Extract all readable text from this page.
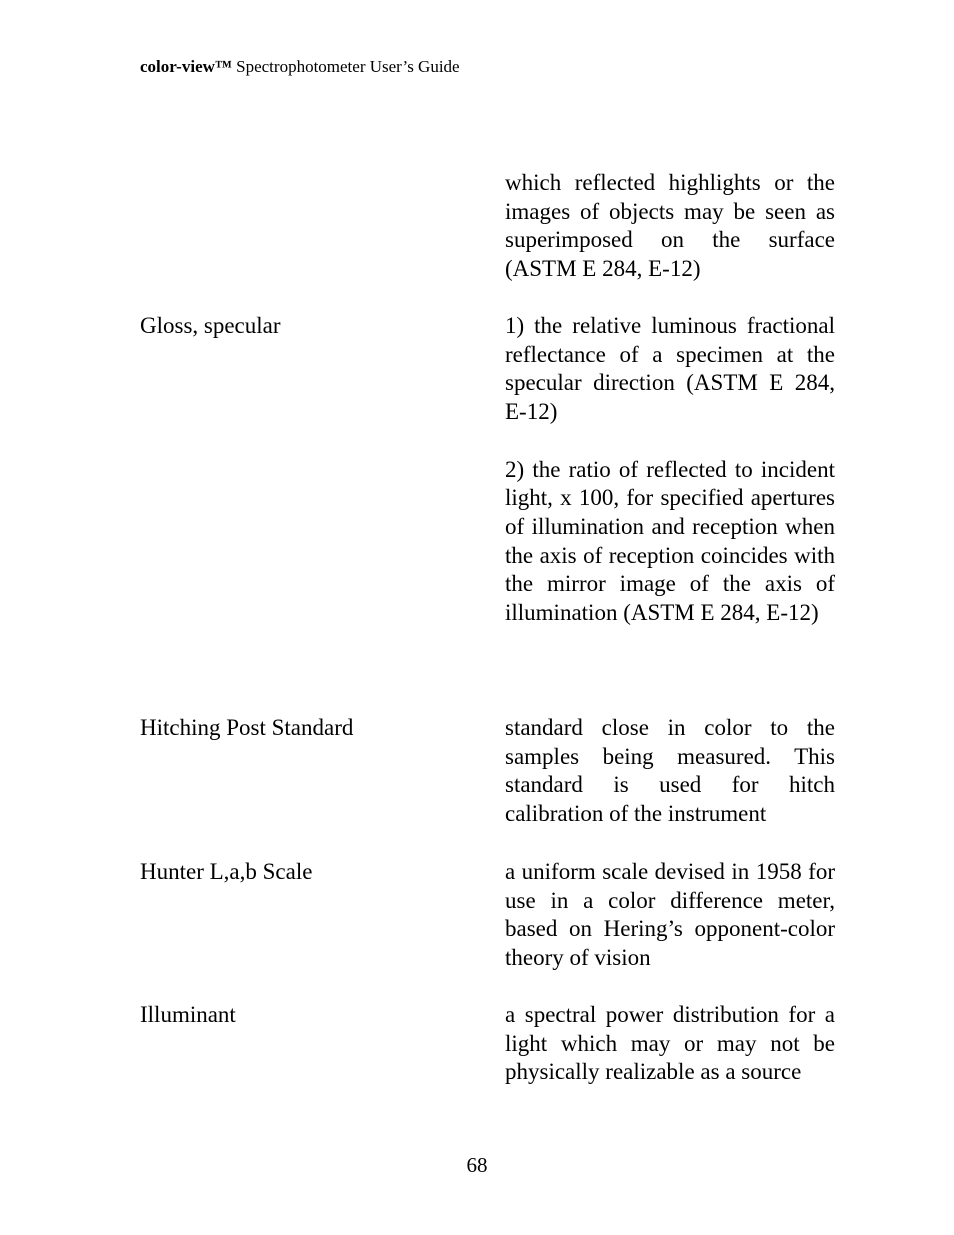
color-view™ Spectrophotometer User’s Guide

which reflected highlights or the images of objects may be seen as superimposed on the surface (ASTM E 284, E-12)

Gloss, specular	1) the relative luminous fractional reflectance of a specimen at the specular direction (ASTM E 284, E-12)

2) the ratio of reflected to incident light, x 100, for specified apertures of illumination and reception when the axis of reception coincides with the mirror image of the axis of illumination (ASTM E 284, E-12)

Hitching Post Standard	standard close in color to the samples being measured. This standard is used for hitch calibration of the instrument

Hunter L,a,b Scale	a uniform scale devised in 1958 for use in a color difference meter, based on Hering’s opponent-color theory of vision

Illuminant	a spectral power distribution for a light which may or may not be physically realizable as a source

68
